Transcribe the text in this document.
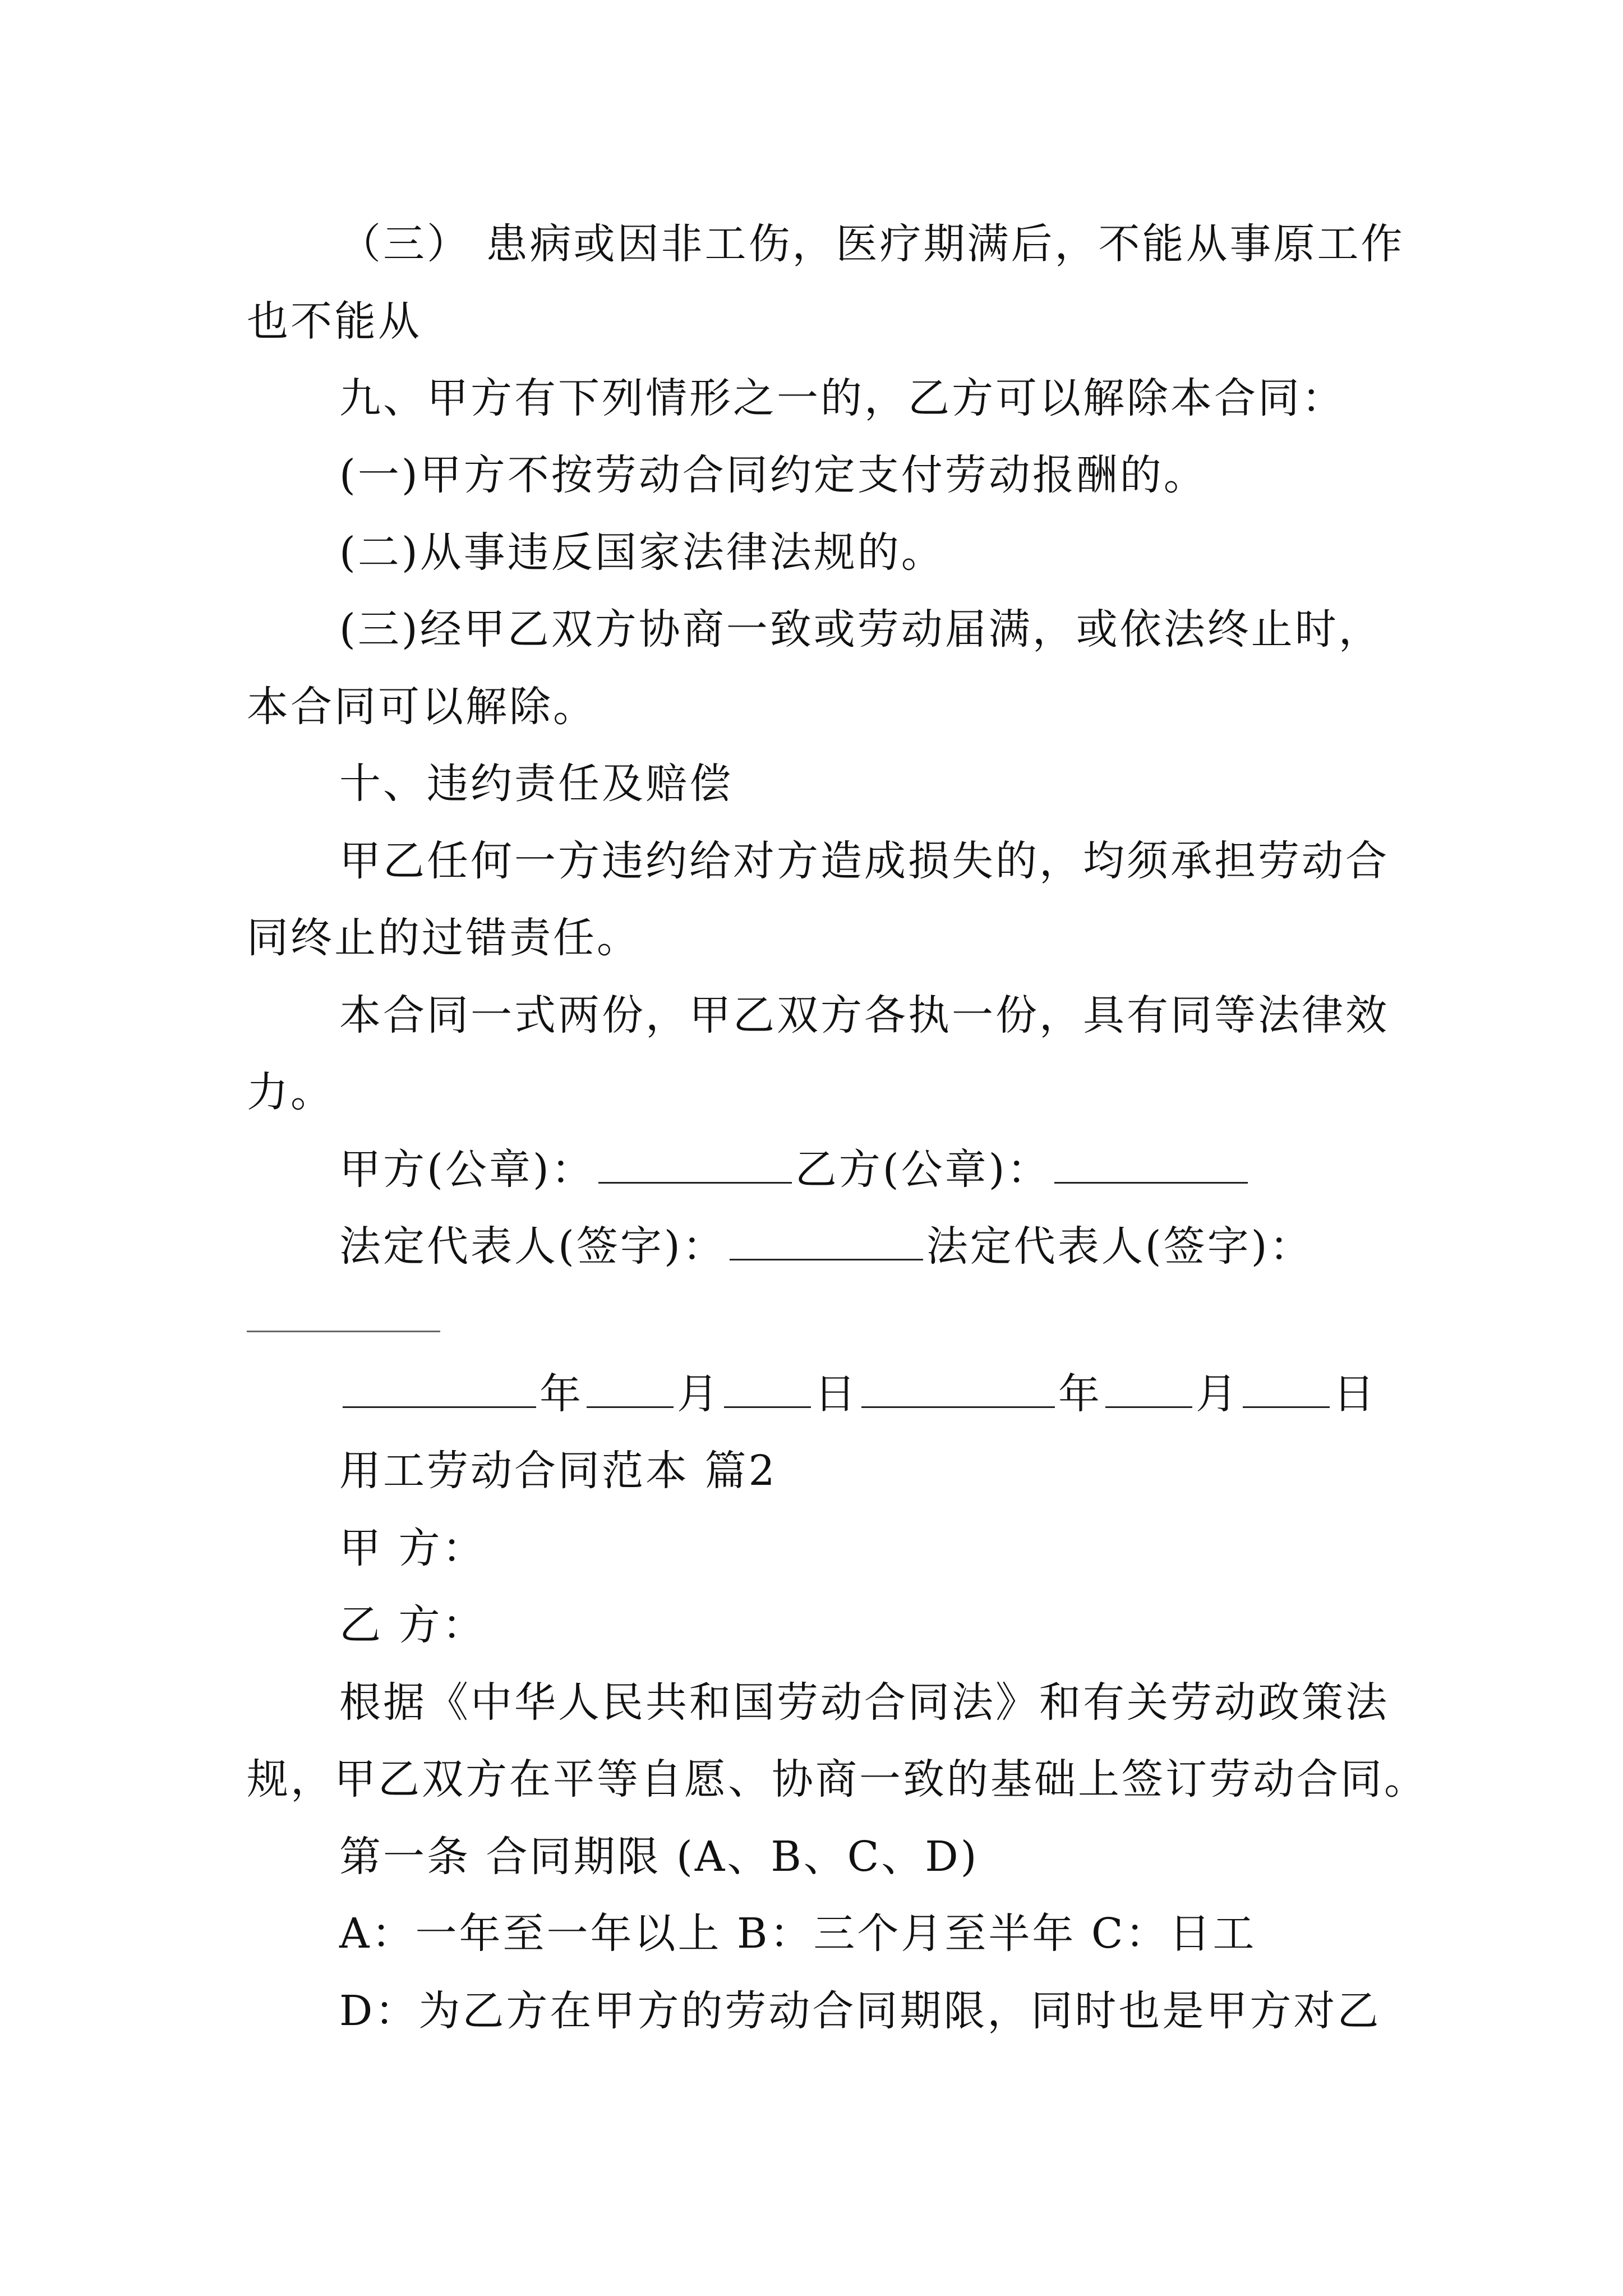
（三） 患病或因非工伤，医疗期满后，不能从事原工作
也不能从
九、甲方有下列情形之一的，乙方可以解除本合同：
(一)甲方不按劳动合同约定支付劳动报酬的。
(二)从事违反国家法律法规的。
(三)经甲乙双方协商一致或劳动届满，或依法终止时，
本合同可以解除。
十、违约责任及赔偿
甲乙任何一方违约给对方造成损失的，均须承担劳动合
同终止的过错责任。
本合同一式两份，甲乙双方各执一份，具有同等法律效
力。
甲方(公章)：	乙方(公章)：
法定代表人(签字)：	法定代表人(签字)：
年 月 日	年 月 日
用工劳动合同范本 篇2
甲 方：
乙 方：
根据《中华人民共和国劳动合同法》和有关劳动政策法
规，甲乙双方在平等自愿、协商一致的基础上签订劳动合同。
第一条 合同期限 (A、B、C、D)
A：一年至一年以上 B：三个月至半年 C：日工
D：为乙方在甲方的劳动合同期限，同时也是甲方对乙
